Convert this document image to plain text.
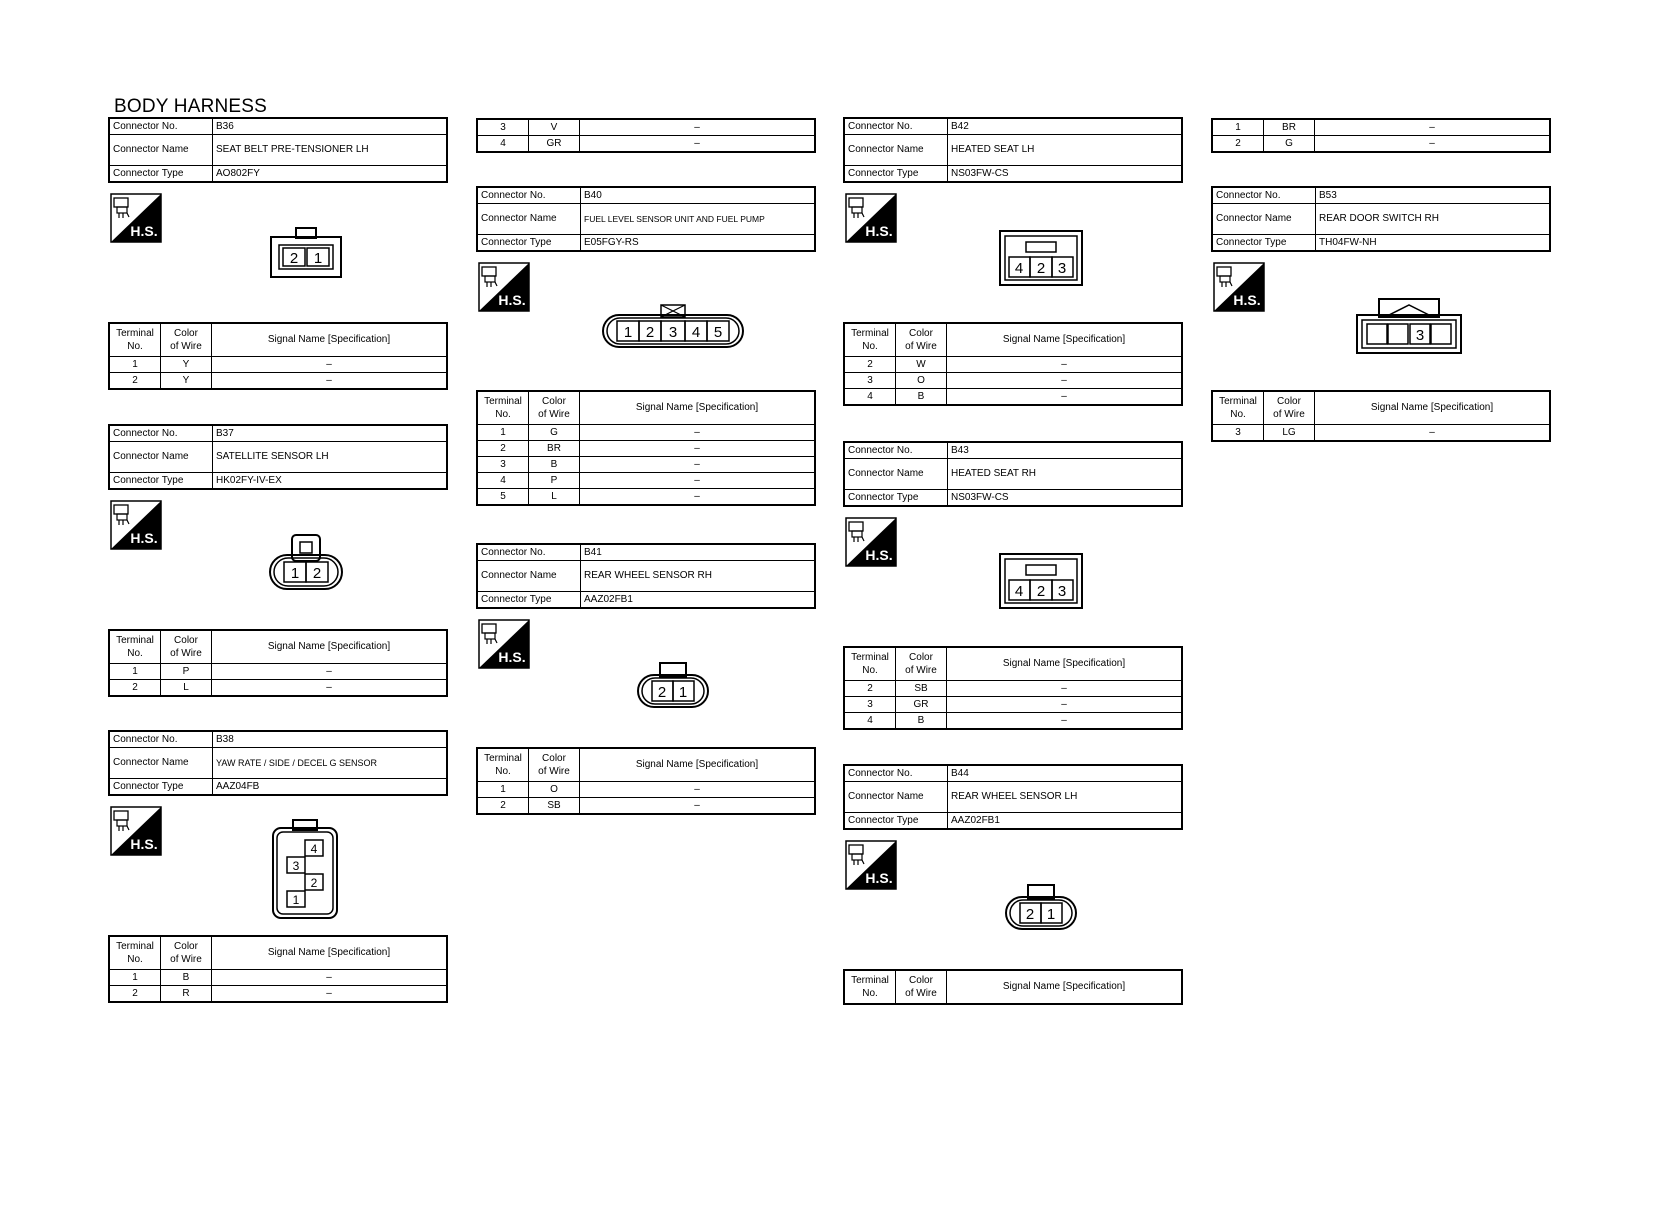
BODY HARNESS
Connector No.	B36
Connector Name	SEAT BELT PRE-TENSIONER LH
Connector Type	AO802FY
H.S.
2 1
Terminal
No.	Color
of Wire	Signal Name [Specification]
1	Y	–
2	Y	–
Connector No.	B37
Connector Name	SATELLITE SENSOR LH
Connector Type	HK02FY-IV-EX
H.S.
1 2
Terminal
No.	Color
of Wire	Signal Name [Specification]
1	P	–
2	L	–
Connector No.	B38
Connector Name	YAW RATE / SIDE / DECEL G SENSOR
Connector Type	AAZ04FB
H.S.	4
3
2
1
Terminal
No.	Color
of Wire	Signal Name [Specification]
1	B	–
2	R	–
3	V	–
4	GR	–
Connector No.	B40
Connector Name	FUEL LEVEL SENSOR UNIT AND FUEL PUMP
Connector Type	E05FGY-RS
H.S.
1 2 3 4 5
Terminal
No.	Color
of Wire	Signal Name [Specification]
1	G	–
2	BR	–
3	B	–
4	P	–
5	L	–
Connector No.	B41
Connector Name	REAR WHEEL SENSOR RH
Connector Type	AAZ02FB1
H.S.
2 1
Terminal
No.	Color
of Wire	Signal Name [Specification]
1	O	–
2	SB	–
Connector No.	B42
Connector Name	HEATED SEAT LH
Connector Type	NS03FW-CS
H.S.
4 2 3
Terminal
No.	Color
of Wire	Signal Name [Specification]
2	W	–
3	O	–
4	B	–
Connector No.	B43
Connector Name	HEATED SEAT RH
Connector Type	NS03FW-CS
H.S.
4 2 3
Terminal
No.	Color
of Wire	Signal Name [Specification]
2	SB	–
3	GR	–
4	B	–
Connector No.	B44
Connector Name	REAR WHEEL SENSOR LH
Connector Type	AAZ02FB1
H.S.
2 1
Terminal
No.	Color
of Wire	Signal Name [Specification]
1	BR	–
2	G	–
Connector No.	B53
Connector Name	REAR DOOR SWITCH RH
Connector Type	TH04FW-NH
H.S.
3
Terminal
No.	Color
of Wire	Signal Name [Specification]
3	LG	–
